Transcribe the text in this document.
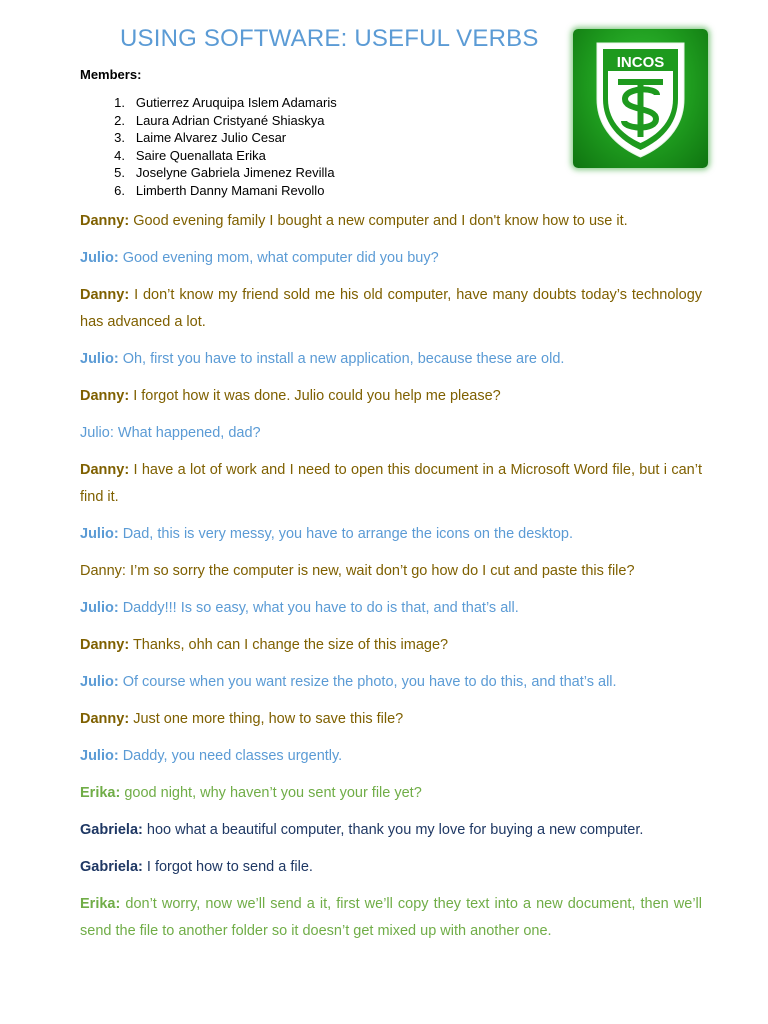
USING SOFTWARE: USEFUL VERBS
INCOS
Members:
1. Gutierrez Aruquipa Islem Adamaris
2. Laura Adrian Cristyané Shiaskya
3. Laime Alvarez Julio Cesar
4. Saire Quenallata Erika
5. Joselyne Gabriela Jimenez Revilla
6. Limberth Danny Mamani Revollo

Danny: Good evening family I bought a new computer and I don't know how to use it.

Julio: Good evening mom, what computer did you buy?

Danny: I don’t know my friend sold me his old computer, have many doubts today’s technology has advanced a lot.

Julio: Oh, first you have to install a new application, because these are old.

Danny: I forgot how it was done. Julio could you help me please?

Julio: What happened, dad?

Danny: I have a lot of work and I need to open this document in a Microsoft Word file, but i can’t find it.

Julio: Dad, this is very messy, you have to arrange the icons on the desktop.

Danny: I’m so sorry the computer is new, wait don’t go how do I cut and paste this file?

Julio: Daddy!!! Is so easy, what you have to do is that, and that’s all.

Danny: Thanks, ohh can I change the size of this image?

Julio: Of course when you want resize the photo, you have to do this, and that’s all.

Danny: Just one more thing, how to save this file?

Julio: Daddy, you need classes urgently.

Erika: good night, why haven’t you sent your file yet?

Gabriela: hoo what a beautiful computer, thank you my love for buying a new computer.

Gabriela: I forgot how to send a file.

Erika: don’t worry, now we’ll send a it, first we’ll copy they text into a new document, then we’ll send the file to another folder so it doesn’t get mixed up with another one.
